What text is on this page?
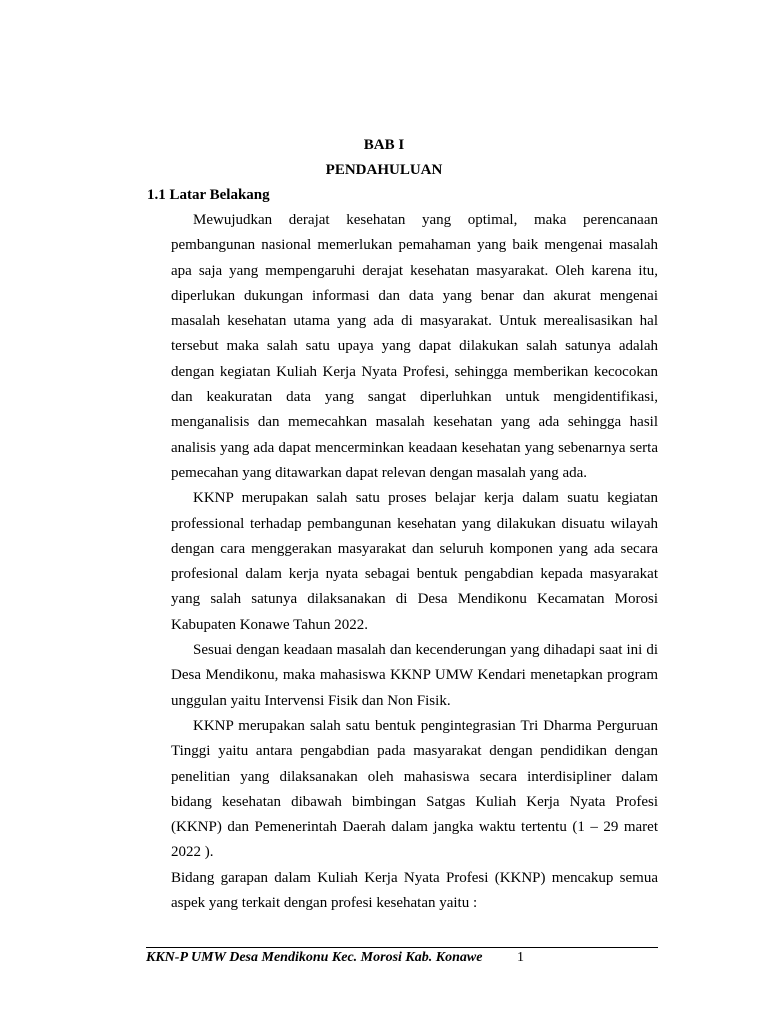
BAB I
PENDAHULUAN
1.1 Latar Belakang

Mewujudkan derajat kesehatan yang optimal, maka perencanaan pembangunan nasional memerlukan pemahaman yang baik mengenai masalah apa saja yang mempengaruhi derajat kesehatan masyarakat. Oleh karena itu, diperlukan dukungan informasi dan data yang benar dan akurat mengenai masalah kesehatan utama yang ada di masyarakat. Untuk merealisasikan hal tersebut maka salah satu upaya yang dapat dilakukan salah satunya adalah dengan kegiatan Kuliah Kerja Nyata Profesi, sehingga memberikan kecocokan dan keakuratan data yang sangat diperluhkan untuk mengidentifikasi, menganalisis dan memecahkan masalah kesehatan yang ada sehingga hasil analisis yang ada dapat mencerminkan keadaan kesehatan yang sebenarnya serta pemecahan yang ditawarkan dapat relevan dengan masalah yang ada.

KKNP merupakan salah satu proses belajar kerja dalam suatu kegiatan professional terhadap pembangunan kesehatan yang dilakukan disuatu wilayah dengan cara menggerakan masyarakat dan seluruh komponen yang ada secara profesional dalam kerja nyata sebagai bentuk pengabdian kepada masyarakat yang salah satunya dilaksanakan di Desa Mendikonu Kecamatan Morosi Kabupaten Konawe Tahun 2022.

Sesuai dengan keadaan masalah dan kecenderungan yang dihadapi saat ini di Desa Mendikonu, maka mahasiswa KKNP UMW Kendari menetapkan program unggulan yaitu Intervensi Fisik dan Non Fisik.

KKNP merupakan salah satu bentuk pengintegrasian Tri Dharma Perguruan Tinggi yaitu antara pengabdian pada masyarakat dengan pendidikan dengan penelitian yang dilaksanakan oleh mahasiswa secara interdisipliner dalam bidang kesehatan dibawah bimbingan Satgas Kuliah Kerja Nyata Profesi (KKNP) dan Pemenerintah Daerah dalam jangka waktu tertentu (1 – 29 maret 2022 ).

Bidang garapan dalam Kuliah Kerja Nyata Profesi (KKNP) mencakup semua aspek yang terkait dengan profesi kesehatan yaitu :

KKN-P UMW Desa Mendikonu Kec. Morosi Kab. Konawe	1
